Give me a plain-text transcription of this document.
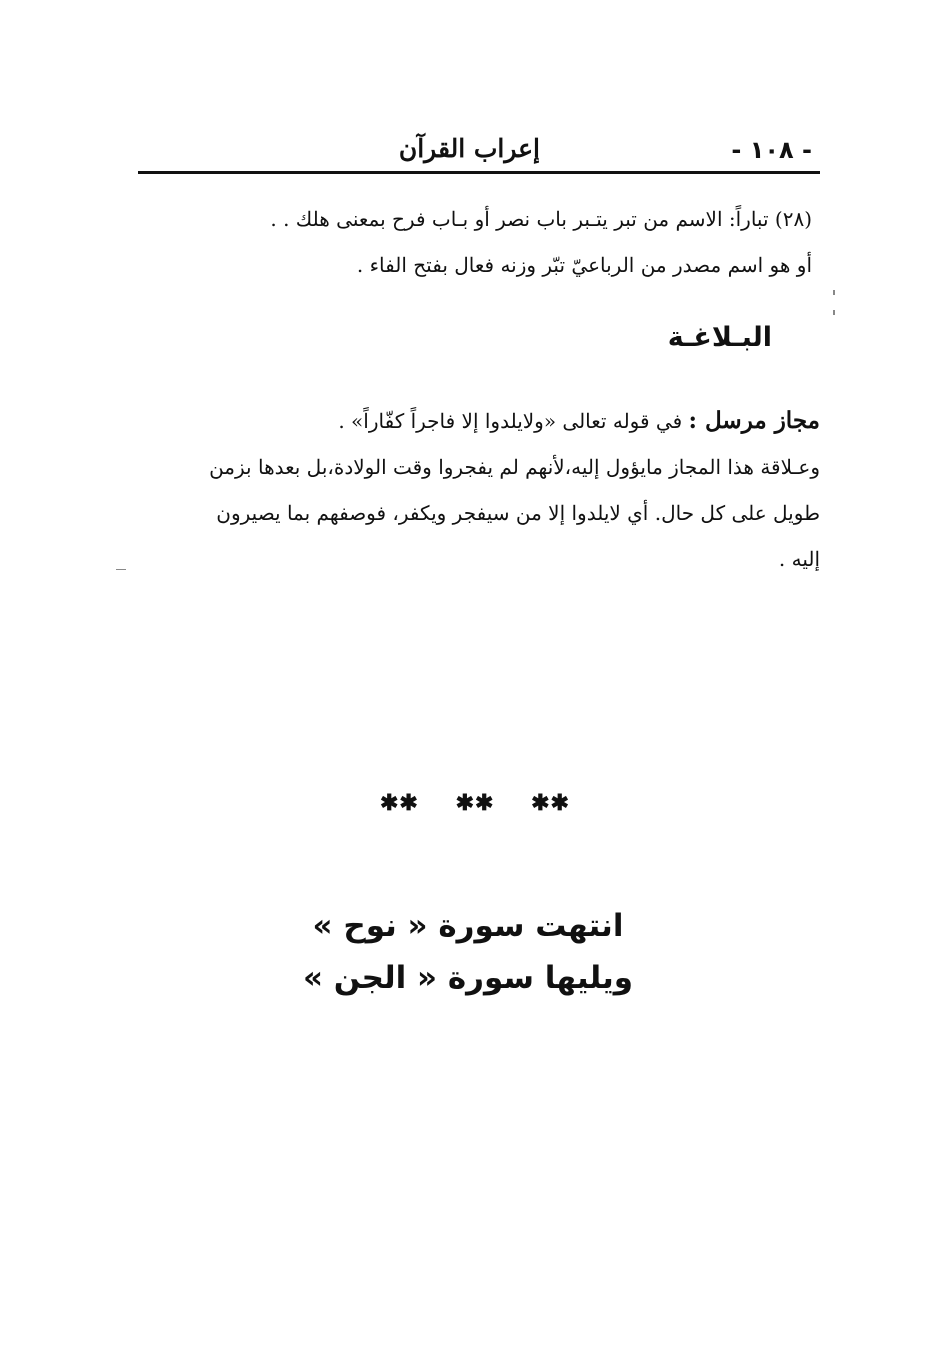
- ١٠٨ -
إعراب القرآن

(٢٨) تباراً: الاسم من تبر يتـبر باب نصر أو بـاب فرح بمعنى هلك . .

أو هو اسم مصدر من الرباعيّ تبّر وزنه فعال بفتح الفاء .

البـلاغـة

مجاز مرسل : في قوله تعالى «ولايلدوا إلا فاجراً كفّاراً» .

وعـلاقة هذا المجاز مايؤول إليه،لأنهم لم يفجروا وقت الولادة،بل بعدها بزمن

طويل على كل حال. أي لايلدوا إلا من سيفجر ويكفر، فوصفهم بما يصيرون

إليه .

✱✱ ✱✱ ✱✱
انتهت سورة « نوح »
ويليها سورة « الجن »
